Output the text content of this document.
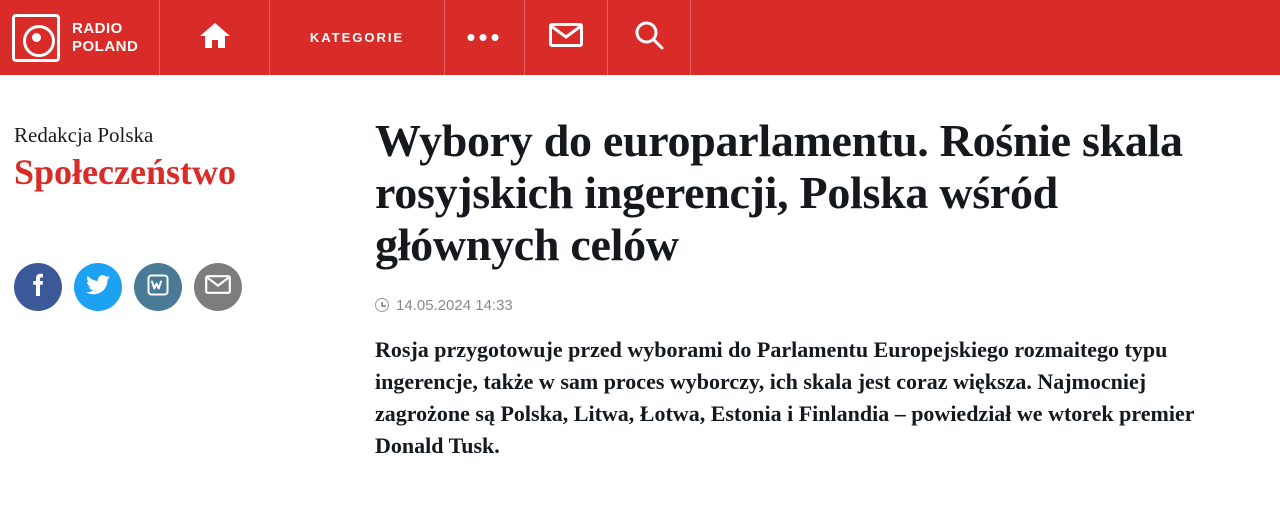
RADIO
POLAND	KATEGORIE •••
Redakcja Polska
Społeczeństwo
Wybory do europarlamentu. Rośnie skala rosyjskich ingerencji, Polska wśród głównych celów
14.05.2024 14:33

Rosja przygotowuje przed wyborami do Parlamentu Europejskiego rozmaitego typu ingerencje, także w sam proces wyborczy, ich skala jest coraz większa. Najmocniej zagrożone są Polska, Litwa, Łotwa, Estonia i Finlandia – powiedział we wtorek premier Donald Tusk.
